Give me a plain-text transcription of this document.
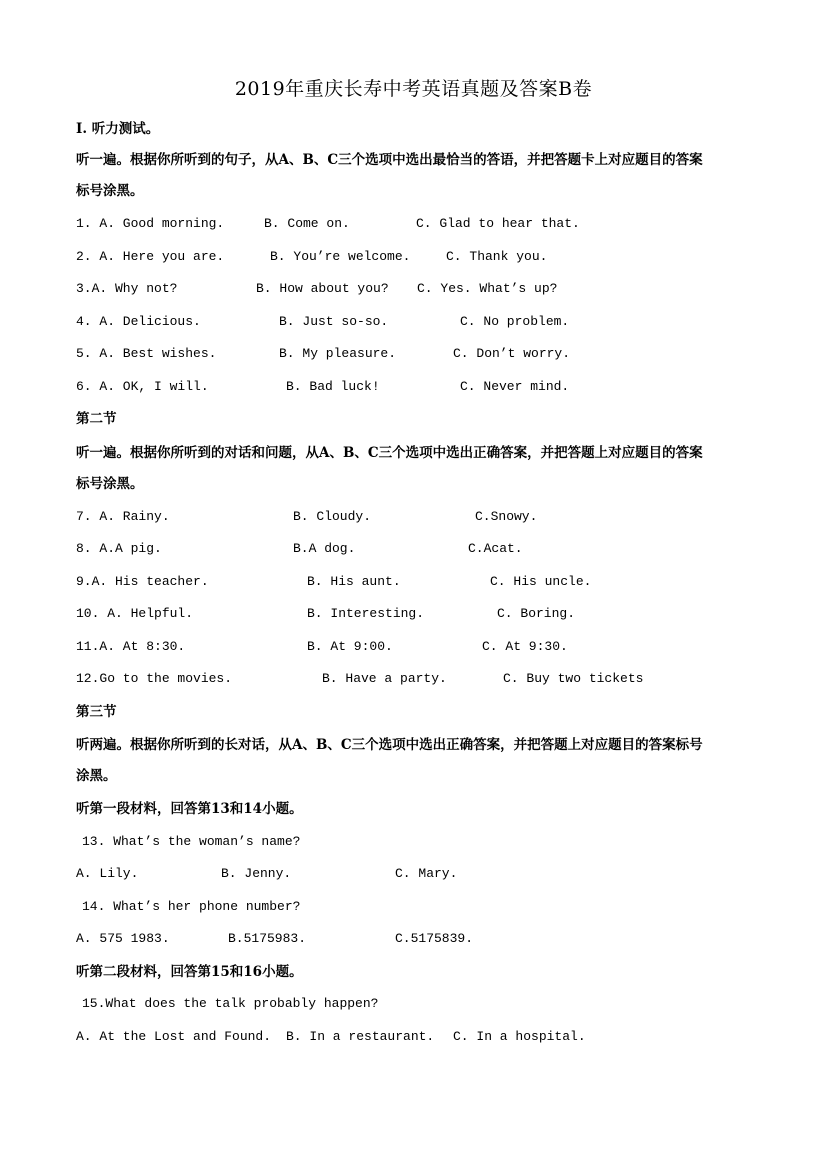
2019年重庆长寿中考英语真题及答案B卷
I. 听力测试。
听一遍。根据你所听到的句子，从A、B、C三个选项中选出最恰当的答语，并把答题卡上对应题目的答案
标号涂黑。
1. A. Good morning.	B. Come on.	C. Glad to hear that.
2. A. Here you are.	B. You’re welcome.	C. Thank you.
3.A. Why not?	B. How about you? C. Yes. What’s up?
4. A. Delicious.	B. Just so-so.	C. No problem.
5. A. Best wishes.	B. My pleasure.	C. Don’t worry.
6. A. OK, I will.	B. Bad luck!	C. Never mind.
第二节
听一遍。根据你所听到的对话和问题，从A、B、C三个选项中选出正确答案，并把答题上对应题目的答案
标号涂黑。
7. A. Rainy.	B. Cloudy.	C.Snowy.
8. A.A pig.	B.A dog.	C.Acat.
9.A. His teacher.	B. His aunt.	C. His uncle.
10. A. Helpful.	B. Interesting.	C. Boring.
11.A. At 8:30.	B. At 9:00.	C. At 9:30.
12.Go to the movies.	B. Have a party.	C. Buy two tickets
第三节
听两遍。根据你所听到的长对话，从A、B、C三个选项中选出正确答案，并把答题上对应题目的答案标号
涂黑。
听第一段材料，回答第13和14小题。
13. What’s the woman’s name?
A. Lily.	B. Jenny.	C. Mary.
14. What’s her phone number?
A. 575 1983.	B.5175983.	C.5175839.
听第二段材料，回答第15和16小题。
15.What does the talk probably happen?
A. At the Lost and Found. B. In a restaurant. C. In a hospital.
